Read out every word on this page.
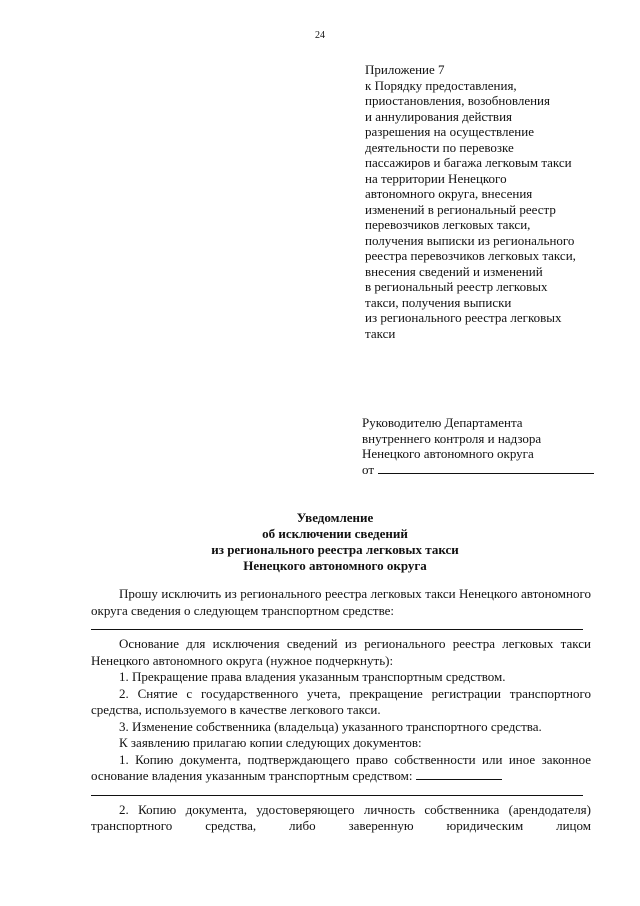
24
Приложение 7
к Порядку предоставления,
приостановления, возобновления
и аннулирования действия
разрешения на осуществление
деятельности по перевозке
пассажиров и багажа легковым такси
на территории Ненецкого
автономного округа, внесения
изменений в региональный реестр
перевозчиков легковых такси,
получения выписки из регионального
реестра перевозчиков легковых такси,
внесения сведений и изменений
в региональный реестр легковых
такси, получения выписки
из регионального реестра легковых
такси
Руководителю Департамента
внутреннего контроля и надзора
Ненецкого автономного округа
от
Уведомление
об исключении сведений
из регионального реестра легковых такси
Ненецкого автономного округа
Прошу исключить из регионального реестра легковых такси Ненецкого автономного округа сведения о следующем транспортном средстве:
Основание для исключения сведений из регионального реестра легковых такси Ненецкого автономного округа (нужное подчеркнуть):
1. Прекращение права владения указанным транспортным средством.
2. Снятие с государственного учета, прекращение регистрации транспортного средства, используемого в качестве легкового такси.
3. Изменение собственника (владельца) указанного транспортного средства.
К заявлению прилагаю копии следующих документов:
1. Копию документа, подтверждающего право собственности или иное законное основание владения указанным транспортным средством:
2. Копию документа, удостоверяющего личность собственника (арендодателя) транспортного средства, либо заверенную юридическим лицом
